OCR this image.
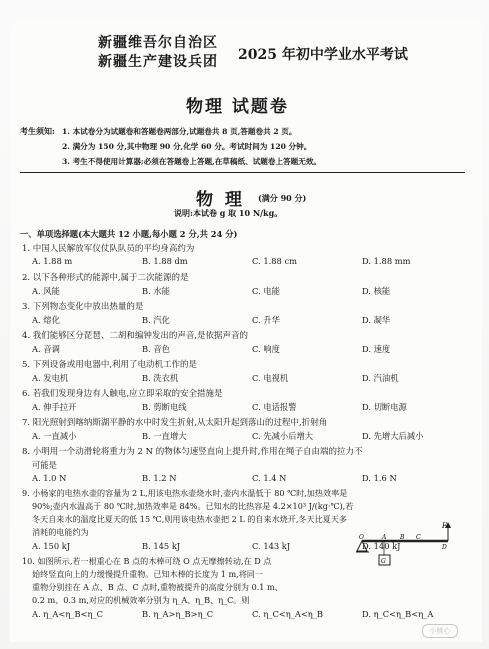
新疆维吾尔自治区
新疆生产建设兵团 2025 年初中学业水平考试
物理 试题卷
考生须知: 1. 本试卷分为试题卷和答题卷两部分,试题卷共 8 页,答题卷共 2 页。
2. 满分为 150 分,其中物理 90 分,化学 60 分。考试时间为 120 分钟。
3. 考生不得使用计算器;必须在答题卷上答题,在草稿纸、试题卷上答题无效。
物 理 (满分 90 分)
说明:本试卷 g 取 10 N/kg。
一、单项选择题(本大题共 12 小题,每小题 2 分,共 24 分)
1. 中国人民解放军仪仗队队员的平均身高约为
A. 1.88 m	B. 1.88 dm	C. 1.88 cm	D. 1.88 mm
2. 以下各种形式的能源中,属于二次能源的是
A. 风能	B. 水能	C. 电能	D. 核能
3. 下列物态变化中放出热量的是
A. 熔化	B. 汽化	C. 升华	D. 凝华
4. 我们能够区分琵琶、二胡和编钟发出的声音,是依据声音的
A. 音调	B. 音色	C. 响度	D. 速度
5. 下列设备或用电器中,利用了电动机工作的是
A. 发电机	B. 洗衣机	C. 电视机	D. 汽油机
6. 若我们发现身边有人触电,应立即采取的安全措施是
A. 伸手拉开	B. 剪断电线	C. 电话报警	D. 切断电源
7. 阳光照射到喀纳斯湖平静的水中时发生折射,从太阳升起到落山的过程中,折射角
A. 一直减小	B. 一直增大	C. 先减小后增大	D. 先增大后减小
8. 小明用一个动滑轮将重力为 2 N 的物体匀速竖直向上提升时,作用在绳子自由端的拉力不
可能是
A. 1.0 N	B. 1.2 N	C. 1.4 N	D. 1.6 N
9. 小杨家的电热水壶的容量为 2 L,用该电热水壶烧水时,壶内水温低于 80 ℃时,加热效率是
90%;壶内水温高于 80 ℃时,加热效率是 84%。已知水的比热容是 4.2×10³ J/(kg·℃),若
冬天自来水的温度比夏天的低 15 ℃,则用该电热水壶把 2 L 的自来水烧开,冬天比夏天多
消耗的电能约为
A. 150 kJ	B. 145 kJ	C. 143 kJ	D. 140 kJ
10. 如图所示,若一根重心在 B 点的木棒可绕 O 点无摩擦转动,在 D 点
始终竖直向上的力缓慢提升重物。已知木棒的长度为 1 m,将同一
重物分别挂在 A 点、B 点、C 点时,重物被提升的高度分别为 0.1 m、
0.2 m、0.3 m,对应的机械效率分别为 η_A、η_B、η_C。则
A. η_A<η_B<η_C	B. η_A>η_B>η_C	C. η_C<η_A<η_B	D. η_C<η_B<η_A
F
O	A B C
D
G
小桃心
